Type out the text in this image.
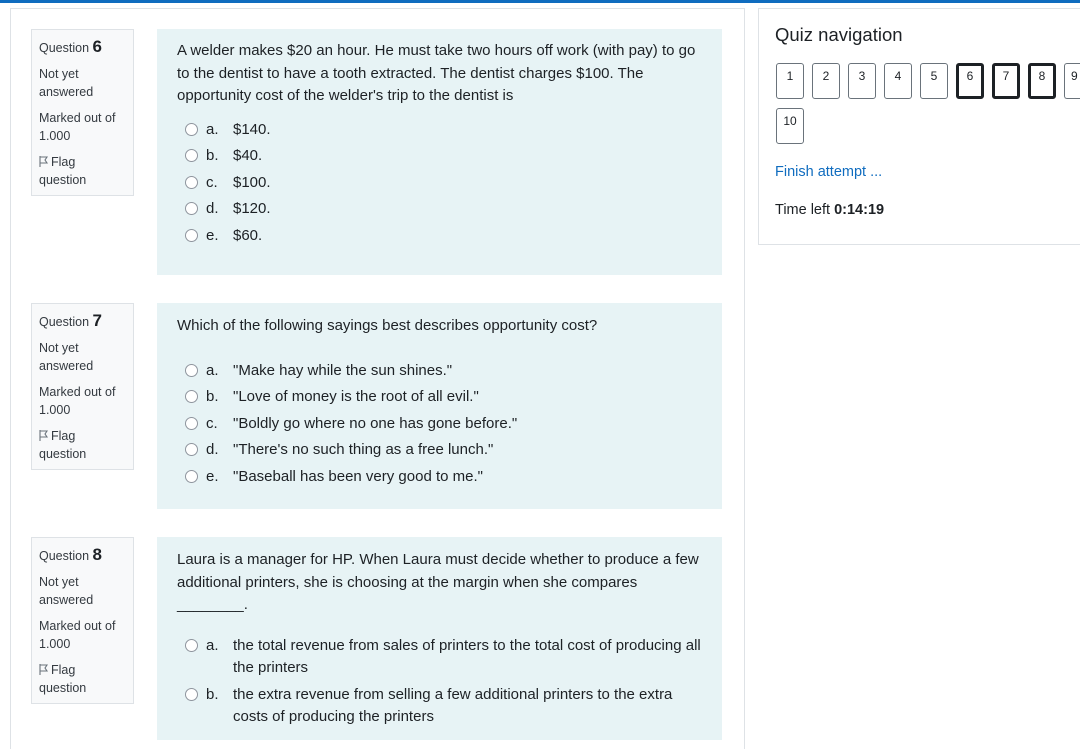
Question 6
Not yet
answered
Marked out of
1.000
Flag
question
A welder makes $20 an hour. He must take two hours off work (with pay) to go to the dentist to have a tooth extracted. The dentist charges $100. The opportunity cost of the welder's trip to the dentist is
a. $140.
b. $40.
c. $100.
d. $120.
e. $60.
Question 7
Not yet
answered
Marked out of
1.000
Flag
question
Which of the following sayings best describes opportunity cost?
a. "Make hay while the sun shines."
b. "Love of money is the root of all evil."
c. "Boldly go where no one has gone before."
d. "There's no such thing as a free lunch."
e. "Baseball has been very good to me."
Question 8
Not yet
answered
Marked out of
1.000
Flag
question
Laura is a manager for HP. When Laura must decide whether to produce a few additional printers, she is choosing at the margin when she compares
________.
a. the total revenue from sales of printers to the total cost of producing all the printers
b. the extra revenue from selling a few additional printers to the extra costs of producing the printers
Quiz navigation
1	2	3	4	5	6	7	8	9
10
Finish attempt ...
Time left 0:14:19
